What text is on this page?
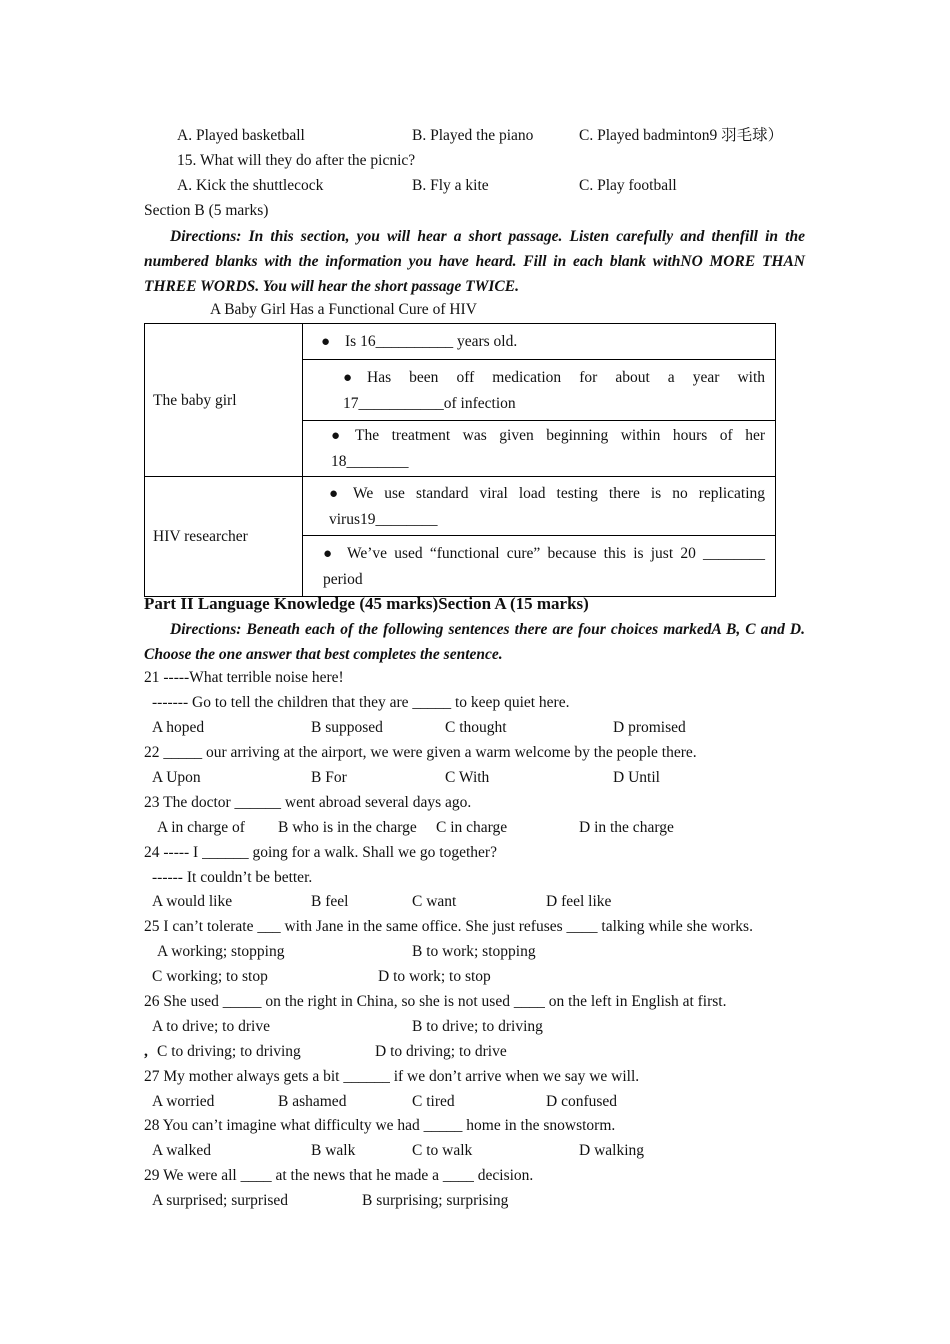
A. Played basketball	B. Played the piano	C. Played badminton9 羽毛球）
15. What will they do after the picnic?
A. Kick the shuttlecock	B. Fly a kite	C. Play football
Section B (5 marks)
Directions: In this section, you will hear a short passage. Listen carefully and thenfill in the numbered blanks with the information you have heard. Fill in each blank withNO MORE THAN THREE WORDS. You will hear the short passage TWICE.
A Baby Girl Has a Functional Cure of HIV
The baby girl	● Is 16__________ years old.

	● Has been off medication for about a year with 17___________of infection

	● The treatment was given beginning within hours of her 18________

HIV researcher	● We use standard viral load testing there is no replicating virus19________

	● We’ve used “functional cure” because this is just 20 ________ period
Part II Language Knowledge (45 marks)Section A (15 marks)
Directions: Beneath each of the following sentences there are four choices markedA B, C and D. Choose the one answer that best completes the sentence.
21 -----What terrible noise here!
------- Go to tell the children that they are _____ to keep quiet here.
A hoped	B supposed	C thought	D promised
22 _____ our arriving at the airport, we were given a warm welcome by the people there.
A Upon	B For	C With	D Until
23 The doctor ______ went abroad several days ago.
A in charge of B who is in the charge C in charge	D in the charge
24 ----- I ______ going for a walk. Shall we go together?
------ It couldn’t be better.
A would like	B feel	C want	D feel like
25 I can’t tolerate ___ with Jane in the same office. She just refuses ____ talking while she works.
A working; stopping	B to work; stopping
C working; to stop	D to work; to stop
26 She used _____ on the right in China, so she is not used ____ on the left in English at first.
A to drive; to drive	B to drive; to driving
, C to driving; to driving	D to driving; to drive
27 My mother always gets a bit ______ if we don’t arrive when we say we will.
A worried	B ashamed	C tired	D confused
28 You can’t imagine what difficulty we had _____ home in the snowstorm.
A walked	B walk	C to walk	D walking
29 We were all ____ at the news that he made a ____ decision.
A surprised; surprised	B surprising; surprising
